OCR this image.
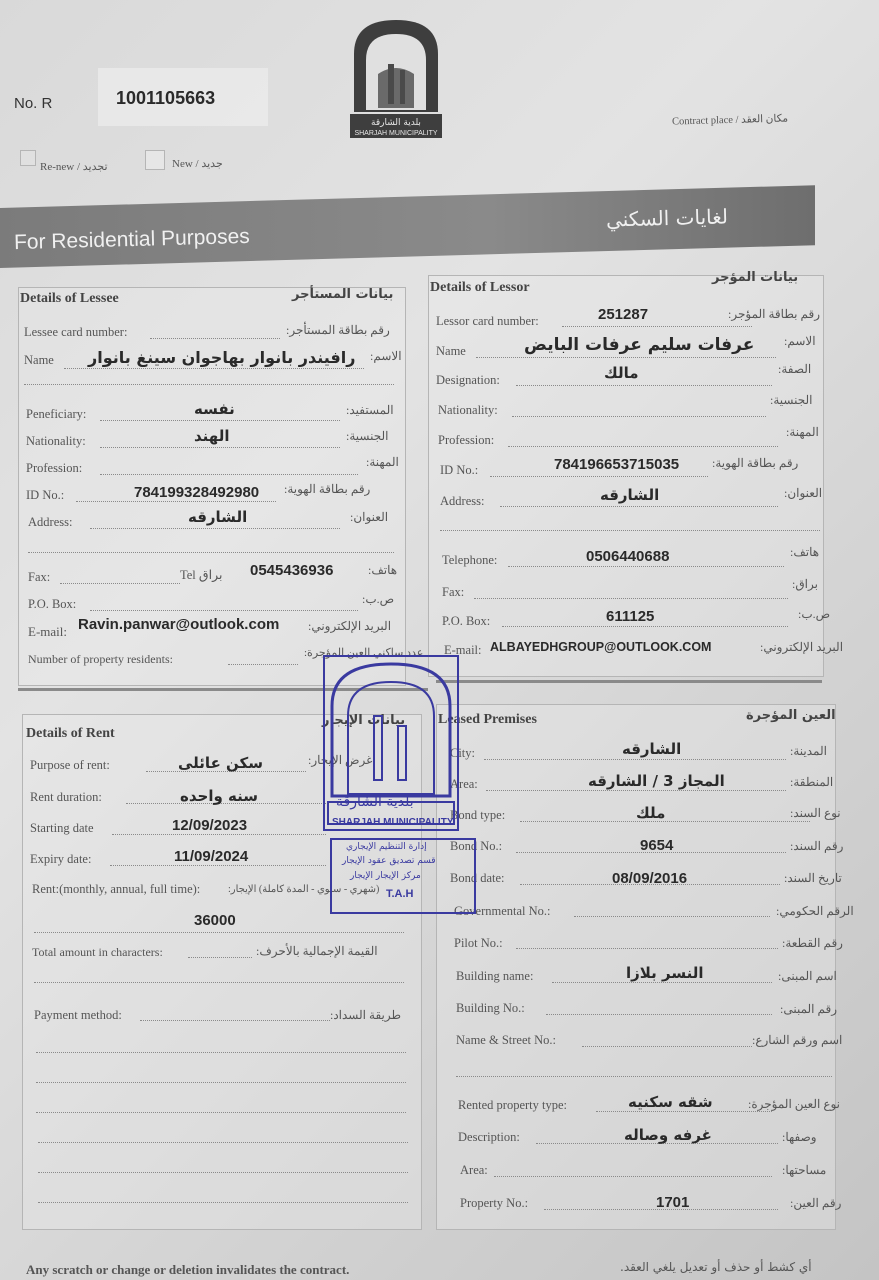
No. R	1001105663
Re-new / تجديد	New / جديد
بلدية الشارقة
SHARJAH MUNICIPALITY
Contract place / مكان العقد
For Residential Purposes
لغايات السكني
Details of Lessee	بيانات المستأجر
Lessee card number:	رقم بطاقة المستأجر:
Name رافيندر بانوار بهاجوان سينغ بانوار الاسم:
Peneficiary:	نفسه	المستفيد:
Nationality:	الهند	الجنسية:
Profession:	المهنة:
ID No.:	784199328492980 رقم بطاقة الهوية:
Address:	الشارقه	العنوان:
Fax:	Tel براق 0545436936	هاتف:
P.O. Box:	ص.ب:
E-mail: Ravin.panwar@outlook.com البريد الإلكتروني:
Number of property residents:	عدد ساكني العين المؤجرة:
Details of Lessor
بيانات المؤجر
Lessor card number:	251287	رقم بطاقة المؤجر:
Name	عرفات سليم عرفات البايض الاسم:
Designation:	مالك	الصفة:
Nationality:
الجنسية:
Profession:
المهنة:
ID No.:	784196653715035	رقم بطاقة الهوية:
Address:	الشارقه	العنوان:
Telephone:	0506440688	هاتف:
Fax:
براق:
P.O. Box:	611125	ص.ب:
E-mail: ALBAYEDHGROUP@OUTLOOK.COM	البريد الإلكتروني:
Details of Rent
بيانات الإيجار
Purpose of rent:	سكن عائلى	غرض الإيجار:
Rent duration:	سنه واحده
Starting date	12/09/2023
Expiry date:	11/09/2024
Rent:(monthly, annual, full time):	(شهري - سنوي - المدة كاملة) الإيجار:
36000
Total amount in characters:	القيمة الإجمالية بالأحرف:
Payment method:	طريقة السداد:
Leased Premises	العين المؤجرة
City:	الشارقه	المدينة:
Area:	المجاز 3 / الشارقه	المنطقة:
Bond type:	ملك	نوع السند:
Bond No.:	9654	رقم السند:
Bond date:	08/09/2016	تاريخ السند:
Governmental No.:	الرقم الحكومي:
Pilot No.:	رقم القطعة:
Building name:	النسر بلازا	اسم المبنى:
Building No.:	رقم المبنى:
Name & Street No.:	اسم ورقم الشارع:
Rented property type:	شقه سكنيه	نوع العين المؤجرة:
Description:	غرفه وصاله	وصفها:
Area:	مساحتها:
Property No.:	1701	رقم العين:
بلدية الشارقة
SHARJAH MUNICIPALITY
إدارة التنظيم الإيجاري
قسم تصديق عقود الإيجار
مركز الإيجار الإيجار
T.A.H
Any scratch or change or deletion invalidates the contract.	أي كشط أو حذف أو تعديل يلغي العقد.
